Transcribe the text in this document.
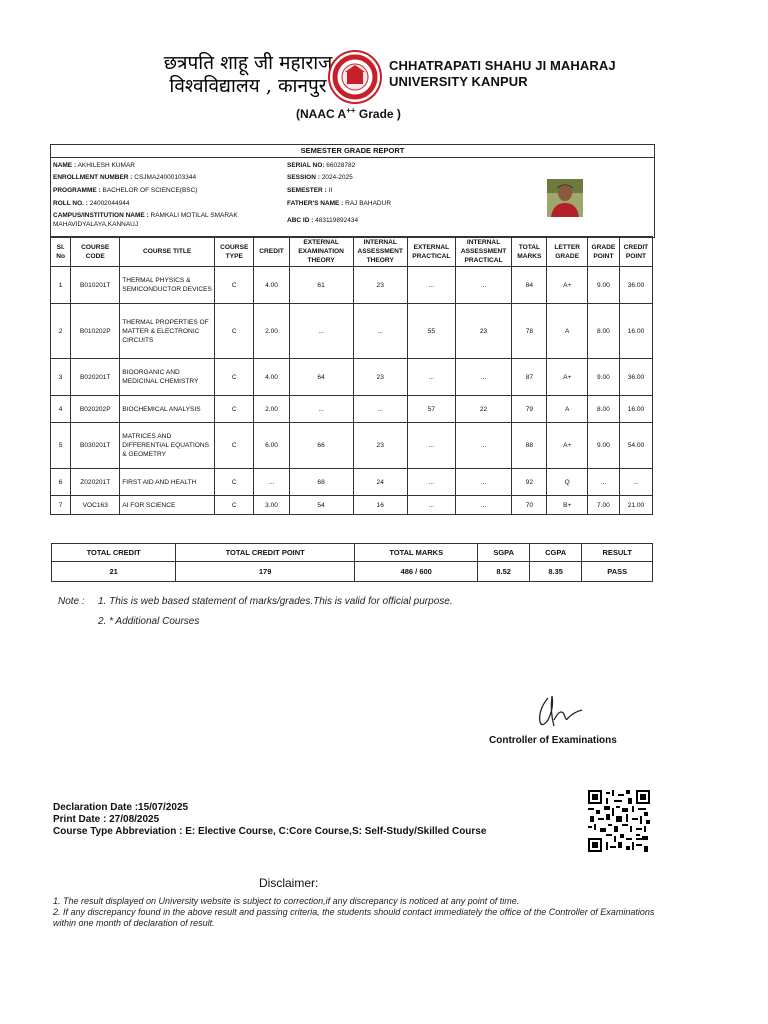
छत्रपति शाहू जी महाराज
विश्वविद्यालय , कानपुर
CHHATRAPATI SHAHU JI MAHARAJ
UNIVERSITY KANPUR
(NAAC A++ Grade )
SEMESTER GRADE REPORT
NAME : AKHILESH KUMAR	SERIAL NO: 66028782
ENROLLMENT NUMBER : CSJMA24000103344	SESSION : 2024-2025
PROGRAMME : BACHELOR OF SCIENCE(BSC)	SEMESTER : II
ROLL NO. : 24002044944	FATHER'S NAME : RAJ BAHADUR
CAMPUS/INSTITUTION NAME : RAMKALI MOTILAL SMARAK
MAHAVIDYALAYA,KANNAUJ
ABC ID : 483119892434
Sl. No	COURSE CODE	COURSE TITLE	COURSE TYPE	CREDIT	EXTERNAL EXAMINATION THEORY	INTERNAL ASSESSMENT THEORY	EXTERNAL PRACTICAL	INTERNAL ASSESSMENT PRACTICAL	TOTAL MARKS	LETTER GRADE	GRADE POINT	CREDIT POINT
1	B010201T	THERMAL PHYSICS & SEMICONDUCTOR DEVICES	C	4.00	61	23	...	...	84	A+	9.00	36.00
2	B010202P	THERMAL PROPERTIES OF MATTER & ELECTRONIC CIRCUITS	C	2.00	...	...	55	23	78	A	8.00	16.00
3	B020201T	BIOORGANIC AND MEDICINAL CHEMISTRY	C	4.00	64	23	...	...	87	A+	9.00	36.00
4	B020202P	BIOCHEMICAL ANALYSIS	C	2.00	...	...	57	22	79	A	8.00	16.00
5	B030201T	MATRICES AND DIFFERENTIAL EQUATIONS & GEOMETRY	C	6.00	66	23	...	...	88	A+	9.00	54.00
6	Z020201T	FIRST AID AND HEALTH	C	...	68	24	...	...	92	Q	...	...
7	VOC163	AI FOR SCIENCE	C	3.00	54	16	...	...	70	B+	7.00	21.00
TOTAL CREDIT	TOTAL CREDIT POINT	TOTAL MARKS	SGPA	CGPA	RESULT
21	179	486 / 600	8.52	8.35	PASS
Note : 1. This is web based statement of marks/grades.This is valid for official purpose.
2. * Additional Courses
Controller of Examinations
Declaration Date :15/07/2025
Print Date : 27/08/2025
Course Type Abbreviation : E: Elective Course, C:Core Course,S: Self-Study/Skilled Course
Disclaimer:
1. The result displayed on University website is subject to correction,if any discrepancy is noticed at any point of time.
2. If any discrepancy found in the above result and passing criteria, the students should contact immediately the office of the Controller of Examinations within one month of declaration of result.
